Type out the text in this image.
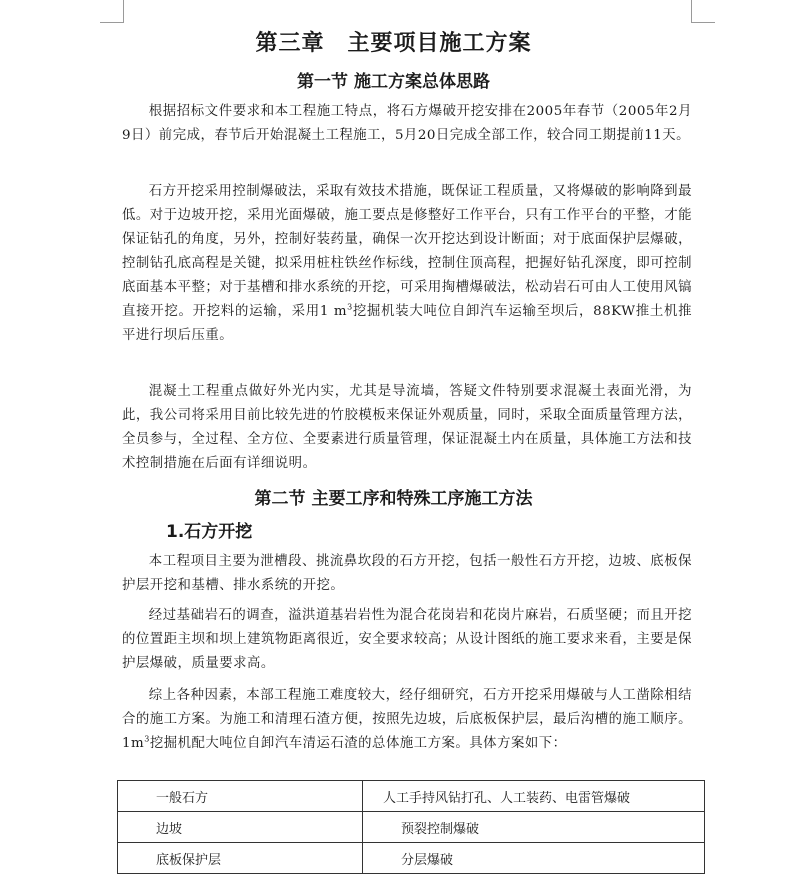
第三章　主要项目施工方案
第一节 施工方案总体思路

根据招标文件要求和本工程施工特点，将石方爆破开挖安排在2005年春节（2005年2月9日）前完成，春节后开始混凝土工程施工，5月20日完成全部工作，较合同工期提前11天。

石方开挖采用控制爆破法，采取有效技术措施，既保证工程质量，又将爆破的影响降到最低。对于边坡开挖，采用光面爆破，施工要点是修整好工作平台，只有工作平台的平整，才能保证钻孔的角度，另外，控制好装药量，确保一次开挖达到设计断面；对于底面保护层爆破，控制钻孔底高程是关键，拟采用桩柱铁丝作标线，控制住顶高程，把握好钻孔深度，即可控制底面基本平整；对于基槽和排水系统的开挖，可采用掏槽爆破法，松动岩石可由人工使用风镐直接开挖。开挖料的运输，采用1 $m^3$挖掘机装大吨位自卸汽车运输至坝后，88KW推土机推平进行坝后压重。

混凝土工程重点做好外光内实，尤其是导流墙，答疑文件特别要求混凝土表面光滑，为此，我公司将采用目前比较先进的竹胶模板来保证外观质量，同时，采取全面质量管理方法，全员参与，全过程、全方位、全要素进行质量管理，保证混凝土内在质量，具体施工方法和技术控制措施在后面有详细说明。

第二节 主要工序和特殊工序施工方法
1.石方开挖

本工程项目主要为泄槽段、挑流鼻坎段的石方开挖，包括一般性石方开挖，边坡、底板保护层开挖和基槽、排水系统的开挖。

经过基础岩石的调查，溢洪道基岩岩性为混合花岗岩和花岗片麻岩，石质坚硬；而且开挖的位置距主坝和坝上建筑物距离很近，安全要求较高；从设计图纸的施工要求来看，主要是保护层爆破，质量要求高。

综上各种因素，本部工程施工难度较大，经仔细研究，石方开挖采用爆破与人工凿除相结合的施工方案。为施工和清理石渣方便，按照先边坡，后底板保护层，最后沟槽的施工顺序。$1m^3$挖掘机配大吨位自卸汽车清运石渣的总体施工方案。具体方案如下：

一般石方	人工手持风钻打孔、人工装药、电雷管爆破
边坡	预裂控制爆破
底板保护层	分层爆破
